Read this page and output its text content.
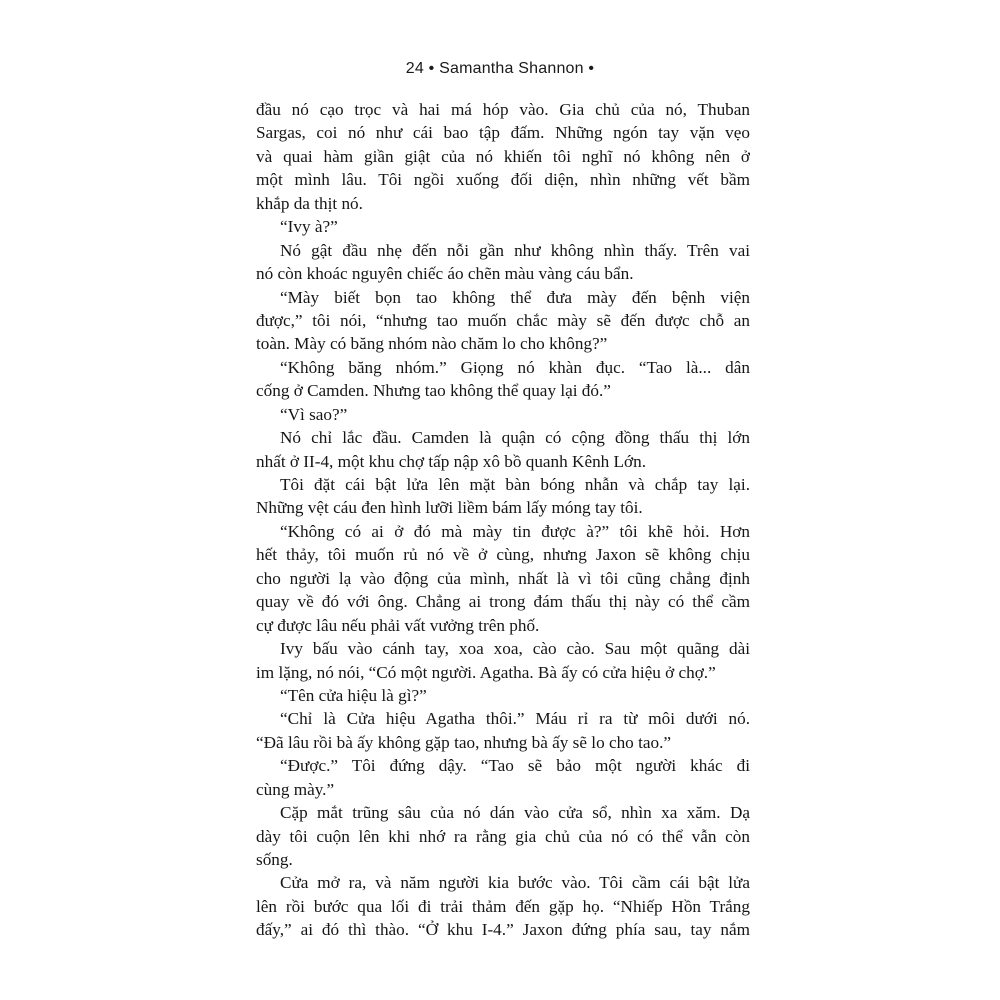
24 • Samantha Shannon •
đầu nó cạo trọc và hai má hóp vào. Gia chủ của nó, Thuban
Sargas, coi nó như cái bao tập đấm. Những ngón tay vặn vẹo
và quai hàm giần giật của nó khiến tôi nghĩ nó không nên ở
một mình lâu. Tôi ngồi xuống đối diện, nhìn những vết bầm
khắp da thịt nó.
“Ivy à?”
Nó gật đầu nhẹ đến nỗi gần như không nhìn thấy. Trên vai
nó còn khoác nguyên chiếc áo chẽn màu vàng cáu bẩn.
“Mày biết bọn tao không thể đưa mày đến bệnh viện
được,” tôi nói, “nhưng tao muốn chắc mày sẽ đến được chỗ an
toàn. Mày có băng nhóm nào chăm lo cho không?”
“Không băng nhóm.” Giọng nó khàn đục. “Tao là... dân
cống ở Camden. Nhưng tao không thể quay lại đó.”
“Vì sao?”
Nó chỉ lắc đầu. Camden là quận có cộng đồng thấu thị lớn
nhất ở II-4, một khu chợ tấp nập xô bồ quanh Kênh Lớn.
Tôi đặt cái bật lửa lên mặt bàn bóng nhẫn và chắp tay lại.
Những vệt cáu đen hình lưỡi liềm bám lấy móng tay tôi.
“Không có ai ở đó mà mày tin được à?” tôi khẽ hỏi. Hơn
hết thảy, tôi muốn rủ nó về ở cùng, nhưng Jaxon sẽ không chịu
cho người lạ vào động của mình, nhất là vì tôi cũng chẳng định
quay về đó với ông. Chẳng ai trong đám thấu thị này có thể cầm
cự được lâu nếu phải vất vưởng trên phố.
Ivy bấu vào cánh tay, xoa xoa, cào cào. Sau một quãng dài
im lặng, nó nói, “Có một người. Agatha. Bà ấy có cửa hiệu ở chợ.”
“Tên cửa hiệu là gì?”
“Chỉ là Cửa hiệu Agatha thôi.” Máu rỉ ra từ môi dưới nó.
“Đã lâu rồi bà ấy không gặp tao, nhưng bà ấy sẽ lo cho tao.”
“Được.” Tôi đứng dậy. “Tao sẽ bảo một người khác đi
cùng mày.”
Cặp mắt trũng sâu của nó dán vào cửa sổ, nhìn xa xăm. Dạ
dày tôi cuộn lên khi nhớ ra rằng gia chủ của nó có thể vẫn còn
sống.
Cửa mở ra, và năm người kia bước vào. Tôi cầm cái bật lửa
lên rồi bước qua lối đi trải thảm đến gặp họ. “Nhiếp Hồn Trắng
đấy,” ai đó thì thào. “Ở khu I-4.” Jaxon đứng phía sau, tay nắm
